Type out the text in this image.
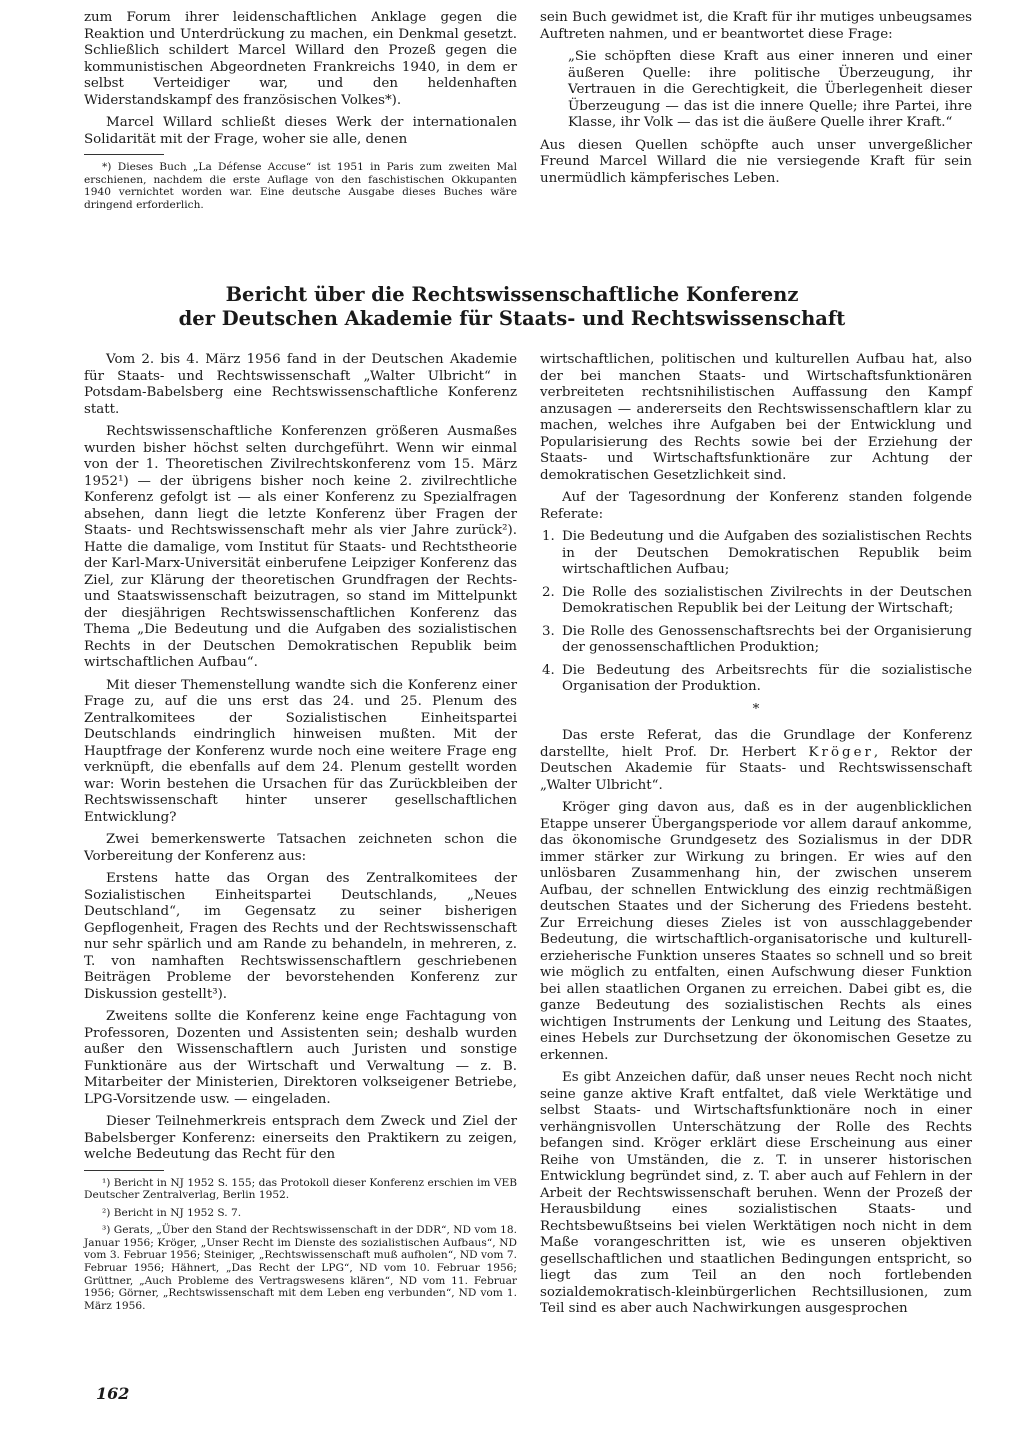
zum Forum ihrer leidenschaftlichen Anklage gegen die Reaktion und Unterdrückung zu machen, ein Denkmal gesetzt. Schließlich schildert Marcel Willard den Prozeß gegen die kommunistischen Abgeordneten Frankreichs 1940, in dem er selbst Verteidiger war, und den heldenhaften Widerstandskampf des französischen Volkes*).

Marcel Willard schließt dieses Werk der internationalen Solidarität mit der Frage, woher sie alle, denen

*) Dieses Buch „La Défense Accuse“ ist 1951 in Paris zum zweiten Mal erschienen, nachdem die erste Auflage von den faschistischen Okkupanten 1940 vernichtet worden war. Eine deutsche Ausgabe dieses Buches wäre dringend erforderlich.

sein Buch gewidmet ist, die Kraft für ihr mutiges unbeugsames Auftreten nahmen, und er beantwortet diese Frage:

„Sie schöpften diese Kraft aus einer inneren und einer äußeren Quelle: ihre politische Überzeugung, ihr Vertrauen in die Gerechtigkeit, die Überlegenheit dieser Überzeugung — das ist die innere Quelle; ihre Partei, ihre Klasse, ihr Volk — das ist die äußere Quelle ihrer Kraft.“

Aus diesen Quellen schöpfte auch unser unvergeßlicher Freund Marcel Willard die nie versiegende Kraft für sein unermüdlich kämpferisches Leben.

Bericht über die Rechtswissenschaftliche Konferenz
der Deutschen Akademie für Staats- und Rechtswissenschaft

Vom 2. bis 4. März 1956 fand in der Deutschen Akademie für Staats- und Rechtswissenschaft „Walter Ulbricht“ in Potsdam-Babelsberg eine Rechtswissenschaftliche Konferenz statt.

Rechtswissenschaftliche Konferenzen größeren Ausmaßes wurden bisher höchst selten durchgeführt. Wenn wir einmal von der 1. Theoretischen Zivilrechtskonferenz vom 15. März 1952¹) — der übrigens bisher noch keine 2. zivilrechtliche Konferenz gefolgt ist — als einer Konferenz zu Spezialfragen absehen, dann liegt die letzte Konferenz über Fragen der Staats- und Rechtswissenschaft mehr als vier Jahre zurück²). Hatte die damalige, vom Institut für Staats- und Rechtstheorie der Karl-Marx-Universität einberufene Leipziger Konferenz das Ziel, zur Klärung der theoretischen Grundfragen der Rechts- und Staatswissenschaft beizutragen, so stand im Mittelpunkt der diesjährigen Rechtswissenschaftlichen Konferenz das Thema „Die Bedeutung und die Aufgaben des sozialistischen Rechts in der Deutschen Demokratischen Republik beim wirtschaftlichen Aufbau“.

Mit dieser Themenstellung wandte sich die Konferenz einer Frage zu, auf die uns erst das 24. und 25. Plenum des Zentralkomitees der Sozialistischen Einheitspartei Deutschlands eindringlich hinweisen mußten. Mit der Hauptfrage der Konferenz wurde noch eine weitere Frage eng verknüpft, die ebenfalls auf dem 24. Plenum gestellt worden war: Worin bestehen die Ursachen für das Zurückbleiben der Rechtswissenschaft hinter unserer gesellschaftlichen Entwicklung?

Zwei bemerkenswerte Tatsachen zeichneten schon die Vorbereitung der Konferenz aus:

Erstens hatte das Organ des Zentralkomitees der Sozialistischen Einheitspartei Deutschlands, „Neues Deutschland“, im Gegensatz zu seiner bisherigen Gepflogenheit, Fragen des Rechts und der Rechtswissenschaft nur sehr spärlich und am Rande zu behandeln, in mehreren, z. T. von namhaften Rechtswissenschaftlern geschriebenen Beiträgen Probleme der bevorstehenden Konferenz zur Diskussion gestellt³).

Zweitens sollte die Konferenz keine enge Fachtagung von Professoren, Dozenten und Assistenten sein; deshalb wurden außer den Wissenschaftlern auch Juristen und sonstige Funktionäre aus der Wirtschaft und Verwaltung — z. B. Mitarbeiter der Ministerien, Direktoren volkseigener Betriebe, LPG-Vorsitzende usw. — eingeladen.

Dieser Teilnehmerkreis entsprach dem Zweck und Ziel der Babelsberger Konferenz: einerseits den Praktikern zu zeigen, welche Bedeutung das Recht für den

¹) Bericht in NJ 1952 S. 155; das Protokoll dieser Konferenz erschien im VEB Deutscher Zentralverlag, Berlin 1952.

²) Bericht in NJ 1952 S. 7.

³) Gerats, „Über den Stand der Rechtswissenschaft in der DDR“, ND vom 18. Januar 1956; Kröger, „Unser Recht im Dienste des sozialistischen Aufbaus“, ND vom 3. Februar 1956; Steiniger, „Rechtswissenschaft muß aufholen“, ND vom 7. Februar 1956; Hähnert, „Das Recht der LPG“, ND vom 10. Februar 1956; Grüttner, „Auch Probleme des Vertragswesens klären“, ND vom 11. Februar 1956; Görner, „Rechtswissenschaft mit dem Leben eng verbunden“, ND vom 1. März 1956.

wirtschaftlichen, politischen und kulturellen Aufbau hat, also der bei manchen Staats- und Wirtschaftsfunktionären verbreiteten rechtsnihilistischen Auffassung den Kampf anzusagen — andererseits den Rechtswissenschaftlern klar zu machen, welches ihre Aufgaben bei der Entwicklung und Popularisierung des Rechts sowie bei der Erziehung der Staats- und Wirtschaftsfunktionäre zur Achtung der demokratischen Gesetzlichkeit sind.

Auf der Tagesordnung der Konferenz standen folgende Referate:

1. Die Bedeutung und die Aufgaben des sozialistischen Rechts in der Deutschen Demokratischen Republik beim wirtschaftlichen Aufbau;
2. Die Rolle des sozialistischen Zivilrechts in der Deutschen Demokratischen Republik bei der Leitung der Wirtschaft;
3. Die Rolle des Genossenschaftsrechts bei der Organisierung der genossenschaftlichen Produktion;
4. Die Bedeutung des Arbeitsrechts für die sozialistische Organisation der Produktion.
*

Das erste Referat, das die Grundlage der Konferenz darstellte, hielt Prof. Dr. Herbert Kröger, Rektor der Deutschen Akademie für Staats- und Rechtswissenschaft „Walter Ulbricht“.

Kröger ging davon aus, daß es in der augenblicklichen Etappe unserer Übergangsperiode vor allem darauf ankomme, das ökonomische Grundgesetz des Sozialismus in der DDR immer stärker zur Wirkung zu bringen. Er wies auf den unlösbaren Zusammenhang hin, der zwischen unserem Aufbau, der schnellen Entwicklung des einzig rechtmäßigen deutschen Staates und der Sicherung des Friedens besteht. Zur Erreichung dieses Zieles ist von ausschlaggebender Bedeutung, die wirtschaftlich-organisatorische und kulturell-erzieherische Funktion unseres Staates so schnell und so breit wie möglich zu entfalten, einen Aufschwung dieser Funktion bei allen staatlichen Organen zu erreichen. Dabei gibt es, die ganze Bedeutung des sozialistischen Rechts als eines wichtigen Instruments der Lenkung und Leitung des Staates, eines Hebels zur Durchsetzung der ökonomischen Gesetze zu erkennen.

Es gibt Anzeichen dafür, daß unser neues Recht noch nicht seine ganze aktive Kraft entfaltet, daß viele Werktätige und selbst Staats- und Wirtschaftsfunktionäre noch in einer verhängnisvollen Unterschätzung der Rolle des Rechts befangen sind. Kröger erklärt diese Erscheinung aus einer Reihe von Umständen, die z. T. in unserer historischen Entwicklung begründet sind, z. T. aber auch auf Fehlern in der Arbeit der Rechtswissenschaft beruhen. Wenn der Prozeß der Herausbildung eines sozialistischen Staats- und Rechtsbewußtseins bei vielen Werktätigen noch nicht in dem Maße vorangeschritten ist, wie es unseren objektiven gesellschaftlichen und staatlichen Bedingungen entspricht, so liegt das zum Teil an den noch fortlebenden sozialdemokratisch-kleinbürgerlichen Rechtsillusionen, zum Teil sind es aber auch Nachwirkungen ausgesprochen

162
